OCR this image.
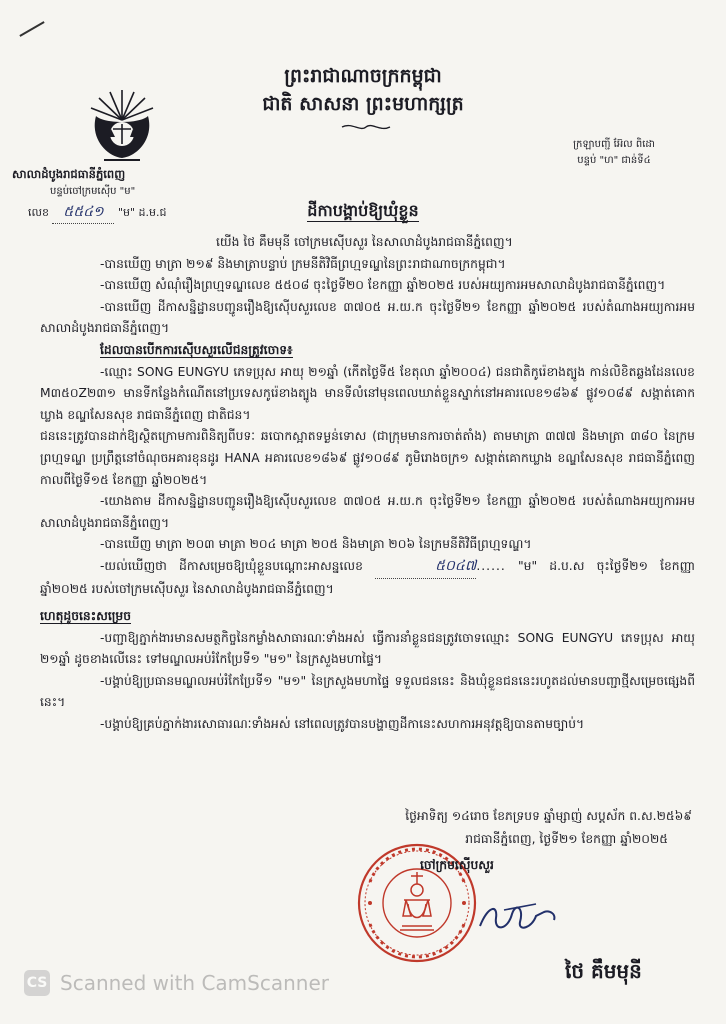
ព្រះរាជាណាចក្រកម្ពុជា
ជាតិ សាសនា ព្រះមហាក្សត្រ
សាលាដំបូងរាជធានីភ្នំពេញ
បន្ទប់ចៅក្រមស៊ើប "ម"
លេខ ៥៥៤១ "ម" ដ.ម.ជ
ក្រឡាបញ្ជី អ៊ែល ពិដោ
បន្ទប់ "ហ" ជាន់ទី៤
ដីកាបង្គាប់ឱ្យឃុំខ្លួន

យើង ថៃ គឹមមុនី ចៅក្រមស៊ើបសួរ នៃសាលាដំបូងរាជធានីភ្នំពេញ។

-បានឃើញ មាត្រា ២១៩ និងមាត្រាបន្ទាប់ ក្រមនីតិវិធីព្រហ្មទណ្ឌនៃព្រះរាជាណាចក្រកម្ពុជា។

-បានឃើញ សំណុំរឿងព្រហ្មទណ្ឌលេខ ៥៥០៨ ចុះថ្ងៃទី២០ ខែកញ្ញា ឆ្នាំ២០២៥ របស់អយ្យការអមសាលាដំបូងរាជធានីភ្នំពេញ។

-បានឃើញ ដីកាសន្និដ្ឋានបញ្ជូនរឿងឱ្យស៊ើបសួរលេខ ៣៧០៥ អ.យ.ក ចុះថ្ងៃទី២១ ខែកញ្ញា ឆ្នាំ២០២៥ របស់តំណាងអយ្យការអមសាលាដំបូងរាជធានីភ្នំពេញ។

ដែលបានបើកការស៊ើបសួរលើជនត្រូវចោទ៖

-ឈ្មោះ SONG EUNGYU ភេទប្រុស អាយុ ២១ឆ្នាំ (កើតថ្ងៃទី៥ ខែតុលា ឆ្នាំ២០០៤) ជនជាតិកូរ៉េខាងត្បូង កាន់លិខិតឆ្លងដែនលេខ M៣៥០Z២៣១ មានទីកន្លែងកំណើតនៅប្រទេសកូរ៉េខាងត្បូង មានទីលំនៅមុនពេលឃាត់ខ្លួនស្នាក់នៅអគារលេខ១៨៦៩ ផ្លូវ១០៨៩ សង្កាត់គោកឃ្លាង ខណ្ឌសែនសុខ រាជធានីភ្នំពេញ ជាតិជន។

ជននេះត្រូវបានដាក់ឱ្យស្ថិតក្រោមការពិនិត្យពីបទៈ ឆបោកស្អាតទម្ងន់ទោស (ជាក្រុមមានការចាត់តាំង) តាមមាត្រា ៣៧៧ និងមាត្រា ៣៨០ នៃក្រមព្រហ្មទណ្ឌ ប្រព្រឹត្តនៅចំណុចអគារខុនដូរ HANA អគារលេខ១៨៦៩ ផ្លូវ១០៨៩ ភូមិរោងចក្រ១ សង្កាត់គោកឃ្លាង ខណ្ឌសែនសុខ រាជធានីភ្នំពេញ កាលពីថ្ងៃទី១៥ ខែកញ្ញា ឆ្នាំ២០២៥។

-យោងតាម ដីកាសន្និដ្ឋានបញ្ជូនរឿងឱ្យស៊ើបសួរលេខ ៣៧០៥ អ.យ.ក ចុះថ្ងៃទី២១ ខែកញ្ញា ឆ្នាំ២០២៥ របស់តំណាងអយ្យការអមសាលាដំបូងរាជធានីភ្នំពេញ។

-បានឃើញ មាត្រា ២០៣ មាត្រា ២០៤ មាត្រា ២០៥ និងមាត្រា ២០៦ នៃក្រមនីតិវិធីព្រហ្មទណ្ឌ។

-យល់ឃើញថា ដីកាសម្រេចឱ្យឃុំខ្លួនបណ្តោះអាសន្នលេខ	៥០៤៧...... "ម" ដ.ប.ស ចុះថ្ងៃទី២១ ខែកញ្ញា ឆ្នាំ២០២៥ របស់ចៅក្រមស៊ើបសួរ នៃសាលាដំបូងរាជធានីភ្នំពេញ។

ហេតុដូចនេះសម្រេច

-បញ្ជាឱ្យភ្នាក់ងារមានសមត្ថកិច្ចនៃកម្លាំងសាធារណៈទាំងអស់ ធ្វើការនាំខ្លួនជនត្រូវចោទឈ្មោះ SONG EUNGYU ភេទប្រុស អាយុ ២១ឆ្នាំ ដូចខាងលើនេះ ទៅមណ្ឌលអប់រំកែប្រែទី១ "ម១" នៃក្រសួងមហាផ្ទៃ។

-បង្គាប់ឱ្យប្រធានមណ្ឌលអប់រំកែប្រែទី១ "ម១" នៃក្រសួងមហាផ្ទៃ ទទួលជននេះ និងឃុំខ្លួនជននេះរហូតដល់មានបញ្ជាថ្មីសម្រេចផ្សេងពីនេះ។

-បង្គាប់ឱ្យគ្រប់ភ្នាក់ងារសោធារណៈទាំងអស់ នៅពេលត្រូវបានបង្ហាញដីកានេះសហការអនុវត្តឱ្យបានតាមច្បាប់។

ថ្ងៃអាទិត្យ ១៤រោច ខែភទ្របទ ឆ្នាំម្សាញ់ សប្តស័ក ព.ស.២៥៦៩
រាជធានីភ្នំពេញ, ថ្ងៃទី២១ ខែកញ្ញា ឆ្នាំ២០២៥
ចៅក្រមស៊ើបសួរ
ថៃ គឹមមុនី
CS Scanned with CamScanner
